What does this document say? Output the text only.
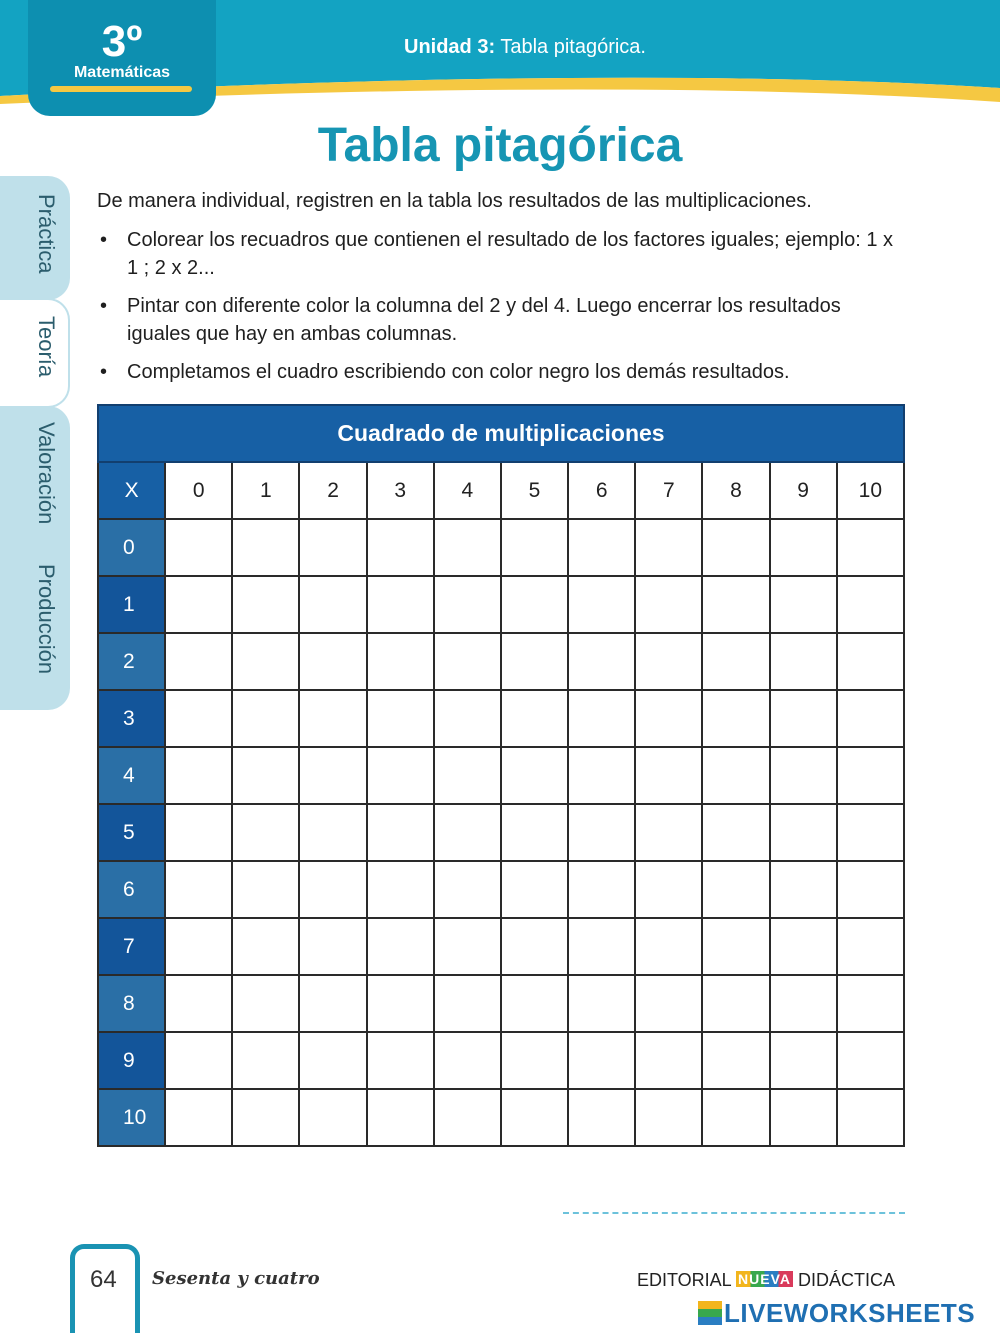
3º
Matemáticas
Unidad 3: Tabla pitagórica.
Práctica
Teoría
Valoración
Producción
Tabla pitagórica

De manera individual, registren en la tabla los resultados de las multiplicaciones.

• Colorear los recuadros que contienen el resultado de los factores iguales; ejemplo: 1 x 1 ; 2 x 2...
• Pintar con diferente color la columna del 2 y del 4. Luego encerrar los resultados iguales que hay en ambas columnas.
• Completamos el cuadro escribiendo con color negro los demás resultados.
Cuadrado de multiplicaciones											
X	0	1	2	3	4	5	6	7	8	9	10
0											
1											
2											
3											
4											
5											
6											
7											
8											
9											
10											
64 Sesenta y cuatro	EDITORIAL NUEVA DIDÁCTICA
LIVEWORKSHEETS
